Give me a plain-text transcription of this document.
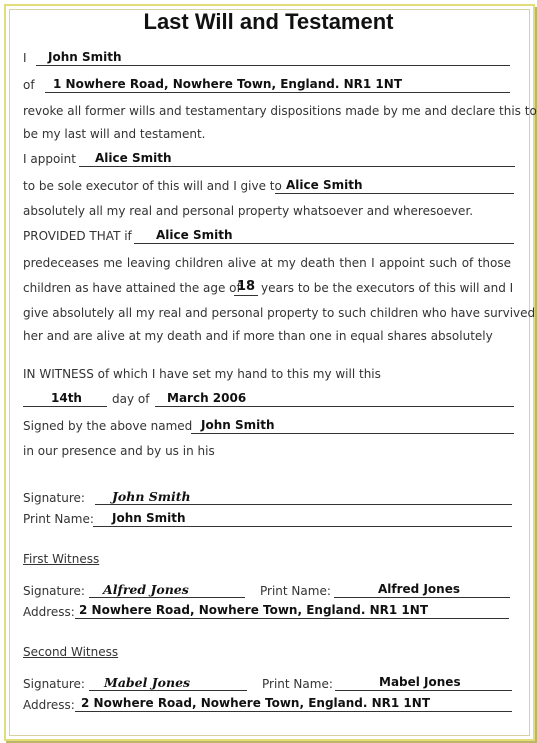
Last Will and Testament
I	John Smith
of	1 Nowhere Road, Nowhere Town, England. NR1 1NT
revoke all former wills and testamentary dispositions made by me and declare this to
be my last will and testament.
I appoint	Alice Smith
to be sole executor of this will and I give to Alice Smith
absolutely all my real and personal property whatsoever and wheresoever.
PROVIDED THAT if	Alice Smith
predeceases me leaving children alive at my death then I appoint such of those
children as have attained the age of
18 years to be the executors of this will and I
give absolutely all my real and personal property to such children who have survived
her and are alive at my death and if more than one in equal shares absolutely
IN WITNESS of which I have set my hand to this my will this
14th	day of	March 2006
Signed by the above named John Smith
in our presence and by us in his
Signature:	John Smith
Print Name:	John Smith
First Witness
Signature:	Alfred Jones	Print Name:	Alfred Jones
Address: 2 Nowhere Road, Nowhere Town, England. NR1 1NT
Second Witness
Signature:	Mabel Jones	Print Name:	Mabel Jones
Address: 2 Nowhere Road, Nowhere Town, England. NR1 1NT
